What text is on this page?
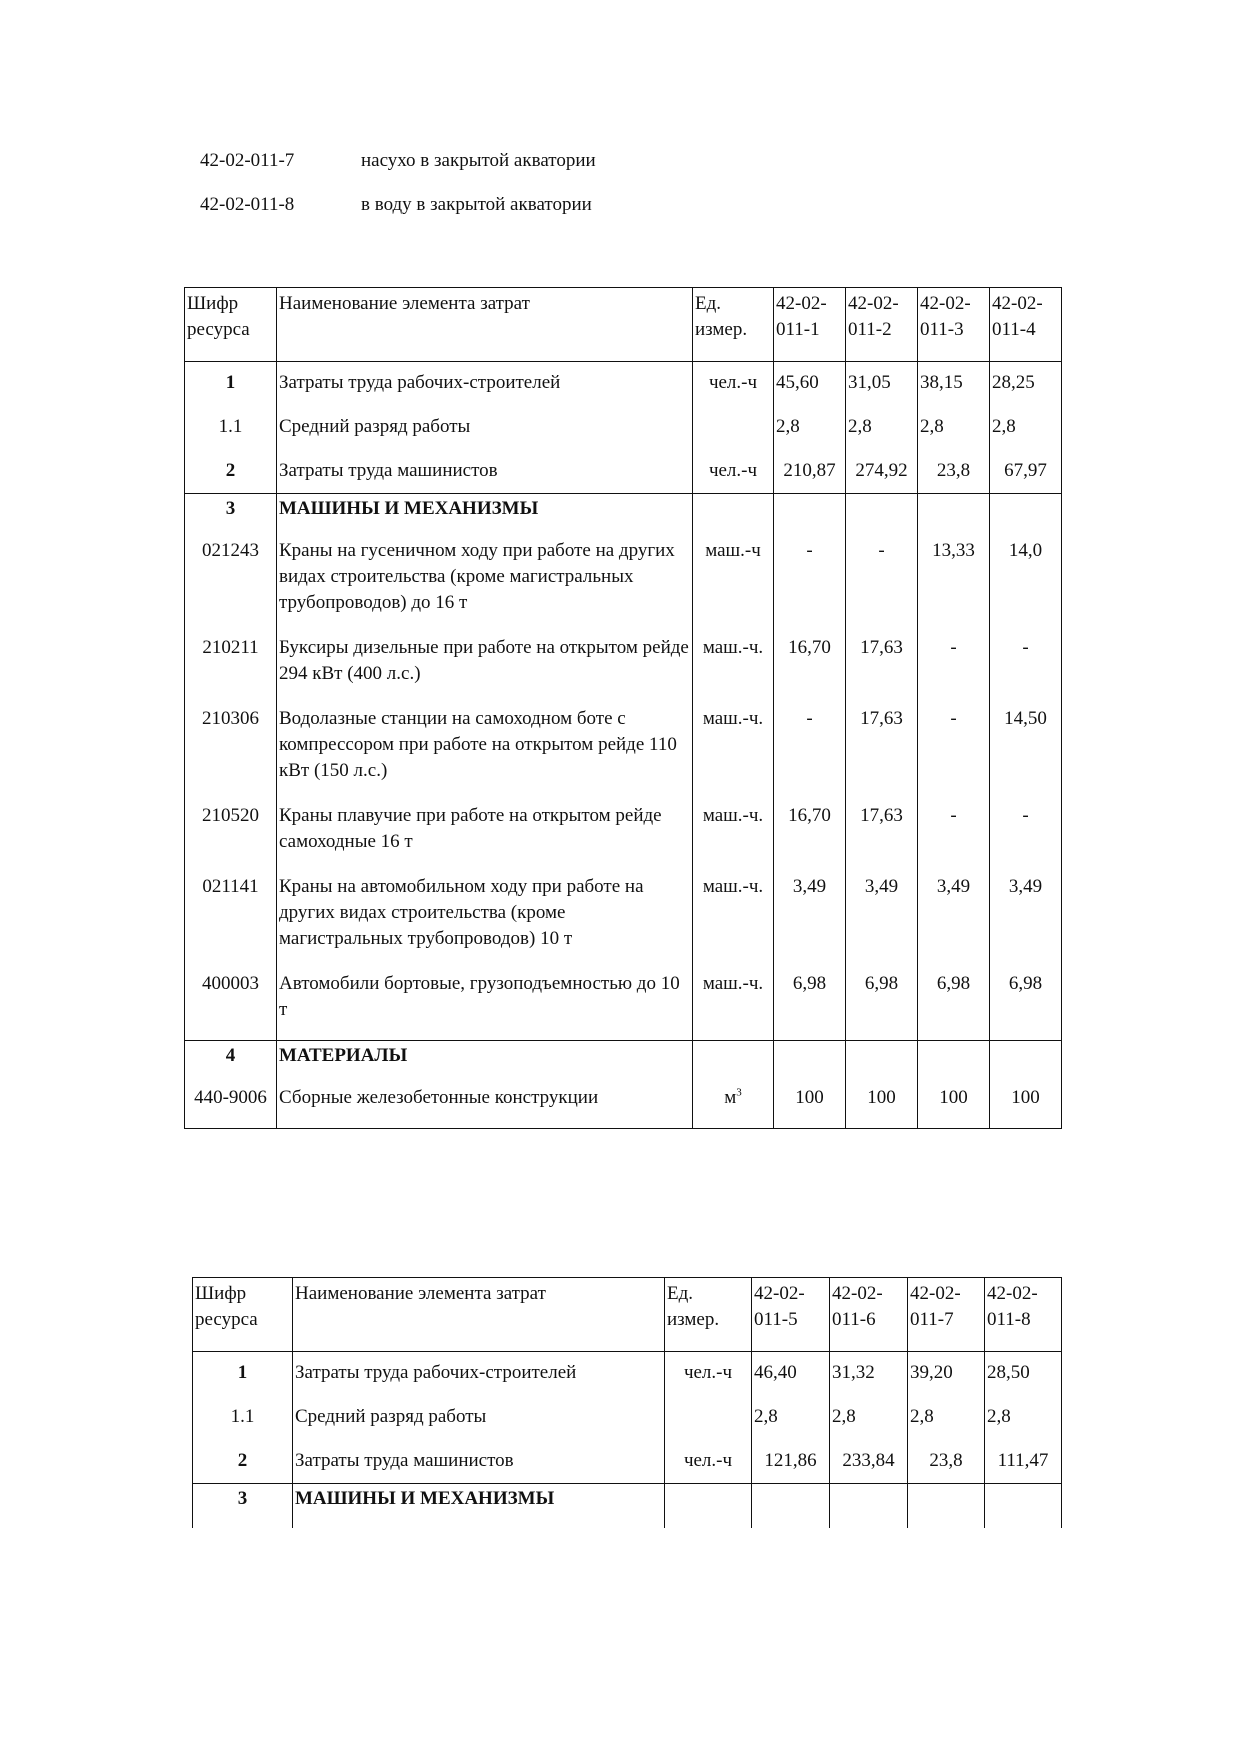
42-02-011-7	насухо в закрытой акватории
42-02-011-8	в воду в закрытой акватории
Шифр ресурса	Наименование элемента затрат	Ед. измер.	42-02-011-1	42-02-011-2	42-02-011-3	42-02-011-4
1	Затраты труда рабочих-строителей	чел.-ч	45,60	31,05	38,15	28,25
1.1	Средний разряд работы		2,8	2,8	2,8	2,8
2	Затраты труда машинистов	чел.-ч	210,87	274,92	23,8	67,97
3	МАШИНЫ И МЕХАНИЗМЫ					
021243	Краны на гусеничном ходу при работе на других видах строительства (кроме магистральных трубопроводов) до 16 т	маш.-ч	-	-	13,33	14,0
210211	Буксиры дизельные при работе на открытом рейде 294 кВт (400 л.с.)	маш.-ч.	16,70	17,63	-	-
210306	Водолазные станции на самоходном боте с компрессором при работе на открытом рейде 110 кВт (150 л.с.)	маш.-ч.	-	17,63	-	14,50
210520	Краны плавучие при работе на открытом рейде самоходные 16 т	маш.-ч.	16,70	17,63	-	-
021141	Краны на автомобильном ходу при работе на других видах строительства (кроме магистральных трубопроводов) 10 т	маш.-ч.	3,49	3,49	3,49	3,49
400003	Автомобили бортовые, грузоподъемностью до 10 т	маш.-ч.	6,98	6,98	6,98	6,98
4	МАТЕРИАЛЫ					
440-9006	Сборные железобетонные конструкции	$м^3$	100	100	100	100
Шифр ресурса	Наименование элемента затрат	Ед. измер.	42-02-011-5	42-02-011-6	42-02-011-7	42-02-011-8
1	Затраты труда рабочих-строителей	чел.-ч	46,40	31,32	39,20	28,50
1.1	Средний разряд работы		2,8	2,8	2,8	2,8
2	Затраты труда машинистов	чел.-ч	121,86	233,84	23,8	111,47
3	МАШИНЫ И МЕХАНИЗМЫ					
